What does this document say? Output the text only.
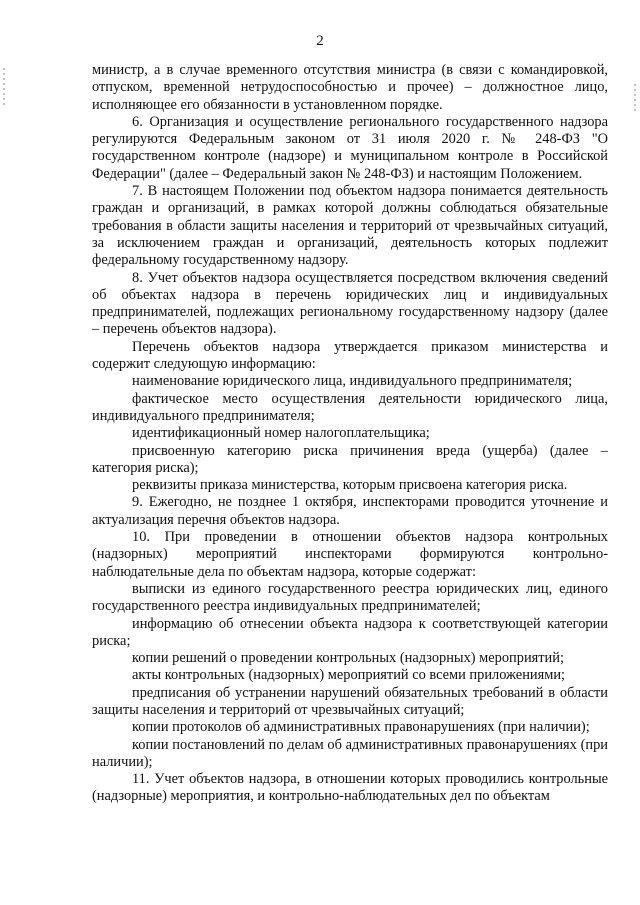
2

министр, а в случае временного отсутствия министра (в связи с командировкой, отпуском, временной нетрудоспособностью и прочее) – должностное лицо, исполняющее его обязанности в установленном порядке.

6. Организация и осуществление регионального государственного надзора регулируются Федеральным законом от 31 июля 2020 г. № 248-ФЗ "О государственном контроле (надзоре) и муниципальном контроле в Российской Федерации" (далее – Федеральный закон № 248-ФЗ) и настоящим Положением.

7. В настоящем Положении под объектом надзора понимается деятельность граждан и организаций, в рамках которой должны соблюдаться обязательные требования в области защиты населения и территорий от чрезвычайных ситуаций, за исключением граждан и организаций, деятельность которых подлежит федеральному государственному надзору.

8. Учет объектов надзора осуществляется посредством включения сведений об объектах надзора в перечень юридических лиц и индивидуальных предпринимателей, подлежащих региональному государственному надзору (далее – перечень объектов надзора).

Перечень объектов надзора утверждается приказом министерства и содержит следующую информацию:

наименование юридического лица, индивидуального предпринимателя;

фактическое место осуществления деятельности юридического лица, индивидуального предпринимателя;

идентификационный номер налогоплательщика;

присвоенную категорию риска причинения вреда (ущерба) (далее – категория риска);

реквизиты приказа министерства, которым присвоена категория риска.

9. Ежегодно, не позднее 1 октября, инспекторами проводится уточнение и актуализация перечня объектов надзора.

10. При проведении в отношении объектов надзора контрольных (надзорных) мероприятий инспекторами формируются контрольно-наблюдательные дела по объектам надзора, которые содержат:

выписки из единого государственного реестра юридических лиц, единого государственного реестра индивидуальных предпринимателей;

информацию об отнесении объекта надзора к соответствующей категории риска;

копии решений о проведении контрольных (надзорных) мероприятий;

акты контрольных (надзорных) мероприятий со всеми приложениями;

предписания об устранении нарушений обязательных требований в области защиты населения и территорий от чрезвычайных ситуаций;

копии протоколов об административных правонарушениях (при наличии);

копии постановлений по делам об административных правонарушениях (при наличии);

11. Учет объектов надзора, в отношении которых проводились контрольные (надзорные) мероприятия, и контрольно-наблюдательных дел по объектам
